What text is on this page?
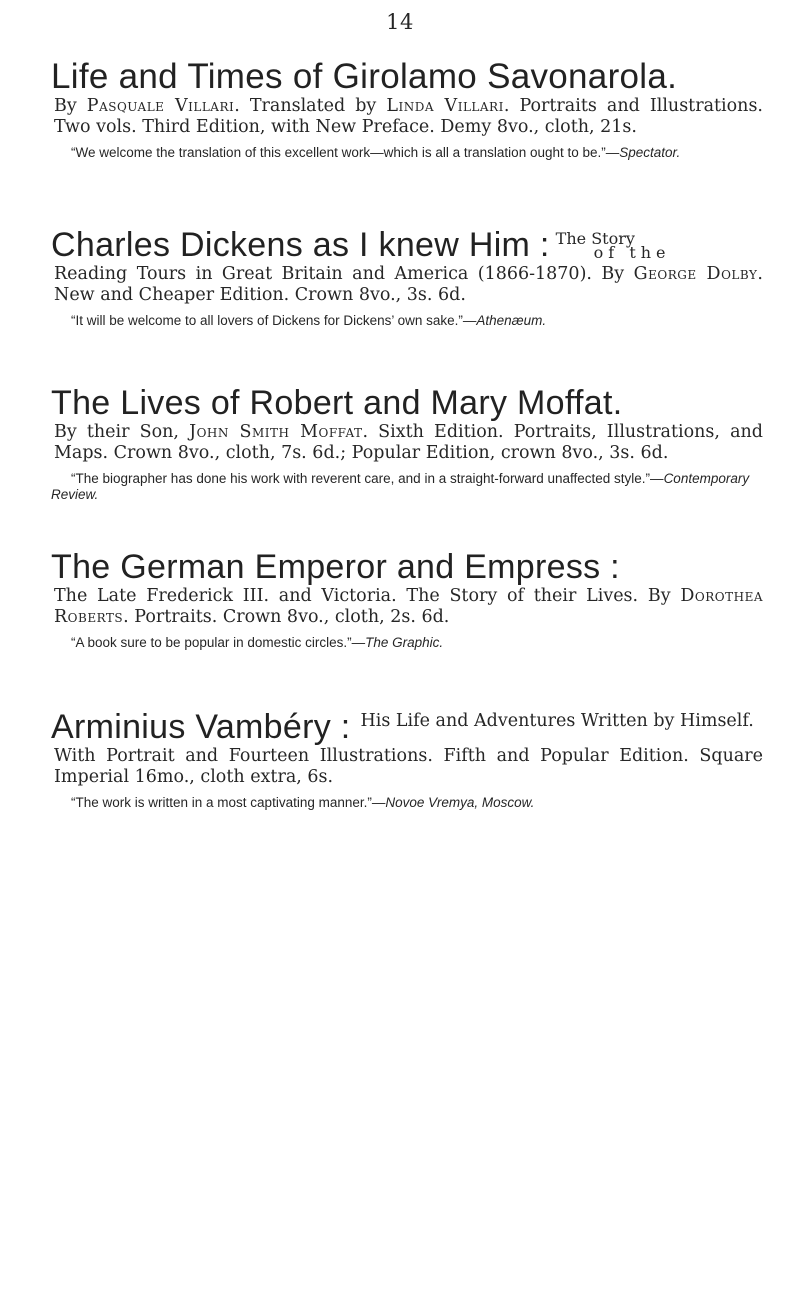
14
Life and Times of Girolamo Savonarola.
By Pasquale Villari. Translated by Linda Villari. Portraits and Illustrations. Two vols. Third Edition, with New Preface. Demy 8vo., cloth, 21s.
“We welcome the translation of this excellent work—which is all a translation ought to be.”—Spectator.
Charles Dickens as I knew Him : The Story
of the
Reading Tours in Great Britain and America (1866-1870). By George Dolby. New and Cheaper Edition. Crown 8vo., 3s. 6d.
“It will be welcome to all lovers of Dickens for Dickens’ own sake.”—Athenæum.
The Lives of Robert and Mary Moffat.
By their Son, John Smith Moffat. Sixth Edition. Portraits, Illustrations, and Maps. Crown 8vo., cloth, 7s. 6d.; Popular Edition, crown 8vo., 3s. 6d.
“The biographer has done his work with reverent care, and in a straight-forward unaffected style.”—Contemporary Review.
The German Emperor and Empress :
The Late Frederick III. and Victoria. The Story of their Lives. By Dorothea Roberts. Portraits. Crown 8vo., cloth, 2s. 6d.
“A book sure to be popular in domestic circles.”—The Graphic.
Arminius Vambéry : His Life and Adventures Written by Himself.
With Portrait and Fourteen Illustrations. Fifth and Popular Edition. Square Imperial 16mo., cloth extra, 6s.
“The work is written in a most captivating manner.”—Novoe Vremya, Moscow.
